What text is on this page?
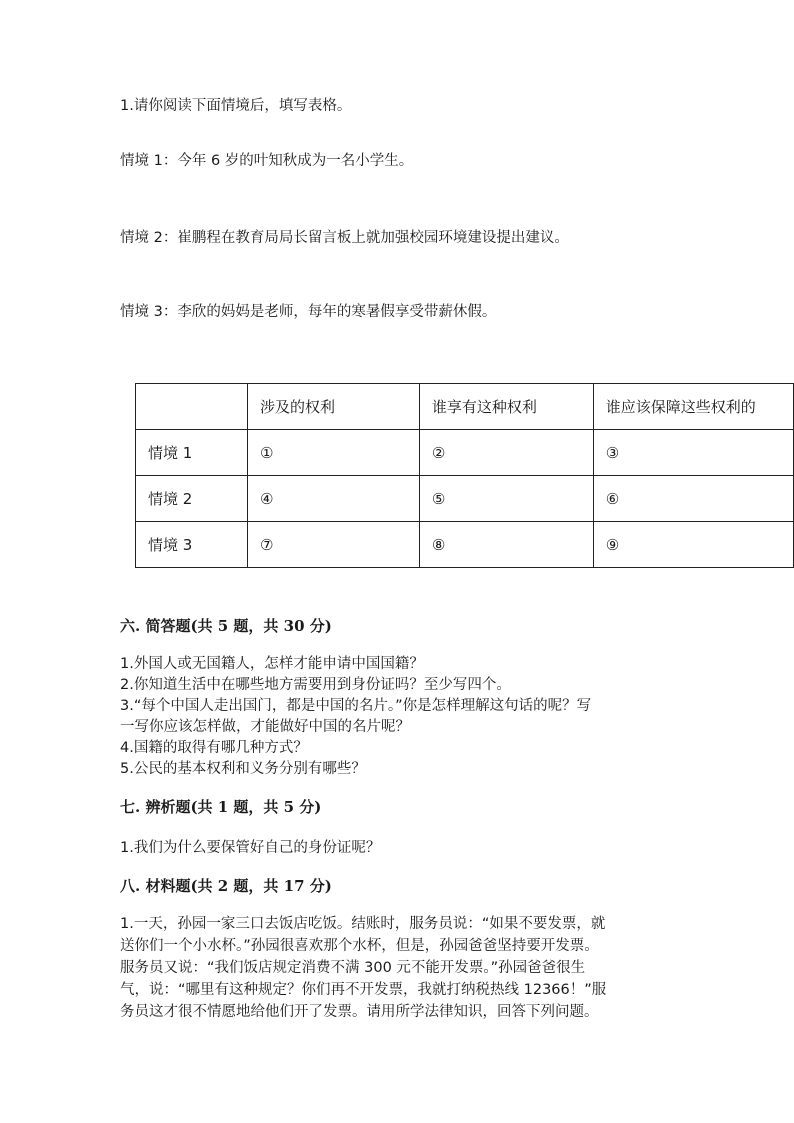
1.请你阅读下面情境后，填写表格。
情境 1：今年 6 岁的叶知秋成为一名小学生。
情境 2：崔鹏程在教育局局长留言板上就加强校园环境建设提出建议。
情境 3：李欣的妈妈是老师，每年的寒暑假享受带薪休假。
	涉及的权利	谁享有这种权利	谁应该保障这些权利的
情境 1	①	②	③
情境 2	④	⑤	⑥
情境 3	⑦	⑧	⑨
六. 简答题(共 5 题，共 30 分)
1.外国人或无国籍人，怎样才能申请中国国籍？
2.你知道生活中在哪些地方需要用到身份证吗？至少写四个。
3.“每个中国人走出国门，都是中国的名片。”你是怎样理解这句话的呢？写
一写你应该怎样做，才能做好中国的名片呢？
4.国籍的取得有哪几种方式？
5.公民的基本权利和义务分别有哪些？
七. 辨析题(共 1 题，共 5 分)
1.我们为什么要保管好自己的身份证呢？
八. 材料题(共 2 题，共 17 分)
1.一天，孙园一家三口去饭店吃饭。结账时，服务员说：“如果不要发票，就
送你们一个小水杯。”孙园很喜欢那个水杯，但是，孙园爸爸坚持要开发票。
服务员又说：“我们饭店规定消费不满 300 元不能开发票。”孙园爸爸很生
气，说：“哪里有这种规定？你们再不开发票，我就打纳税热线 12366！”服
务员这才很不情愿地给他们开了发票。请用所学法律知识，回答下列问题。
